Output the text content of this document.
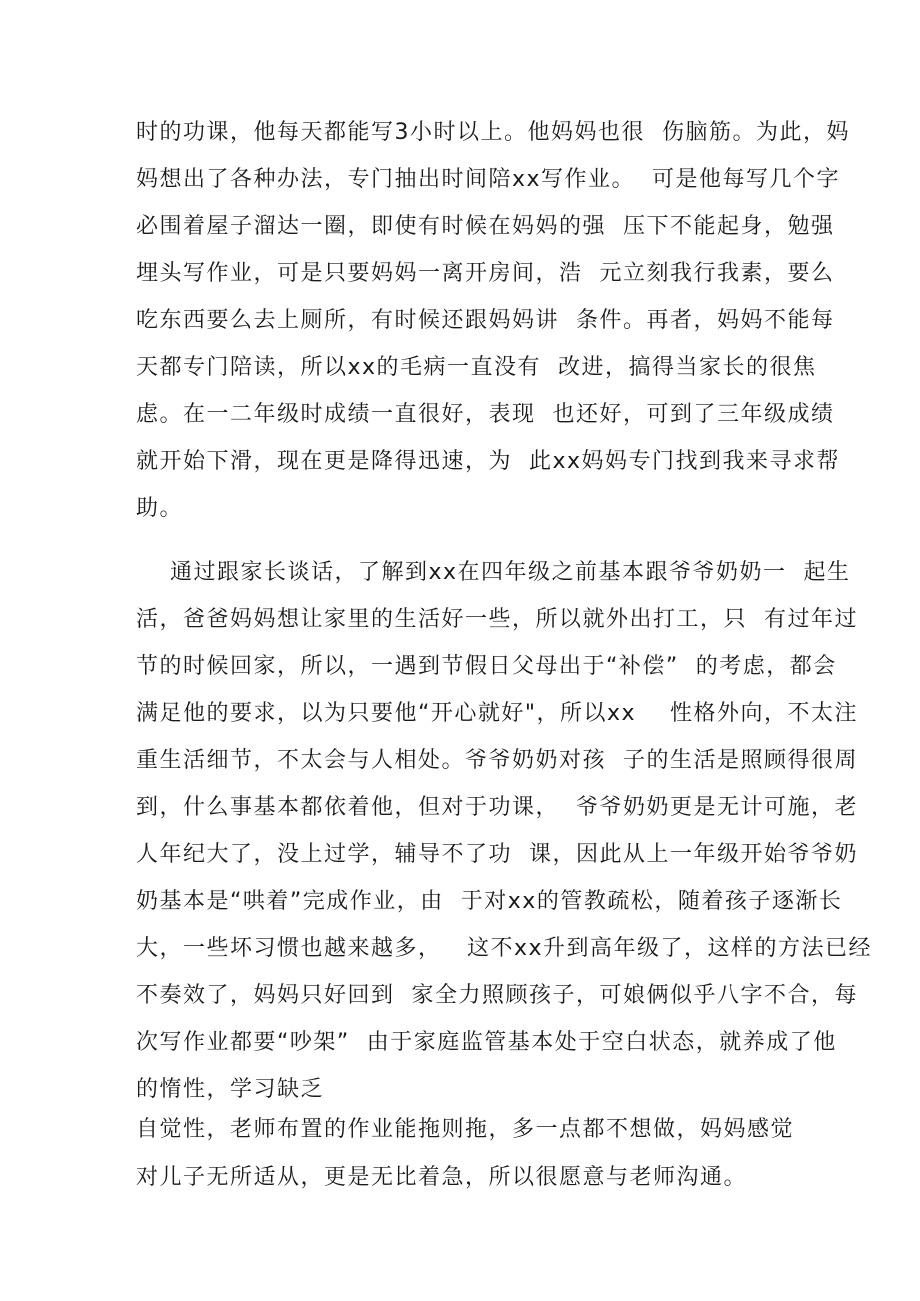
时的功课，他每天都能写3小时以上。他妈妈也很  伤脑筋。为此，妈
妈想出了各种办法，专门抽出时间陪xx写作业。  可是他每写几个字
必围着屋子溜达一圈，即使有时候在妈妈的强  压下不能起身，勉强
埋头写作业，可是只要妈妈一离开房间，浩  元立刻我行我素，要么
吃东西要么去上厕所，有时候还跟妈妈讲  条件。再者，妈妈不能每
天都专门陪读，所以xx的毛病一直没有  改进，搞得当家长的很焦
虑。在一二年级时成绩一直很好，表现  也还好，可到了三年级成绩
就开始下滑，现在更是降得迅速，为  此xx妈妈专门找到我来寻求帮
助。
通过跟家长谈话，了解到xx在四年级之前基本跟爷爷奶奶一  起生
活，爸爸妈妈想让家里的生活好一些，所以就外出打工，只  有过年过
节的时候回家，所以，一遇到节假日父母出于“补偿”  的考虑，都会
满足他的要求，以为只要他“开心就好"，所以xx    性格外向，不太注
重生活细节，不太会与人相处。爷爷奶奶对孩  子的生活是照顾得很周
到，什么事基本都依着他，但对于功课，  爷爷奶奶更是无计可施，老
人年纪大了，没上过学，辅导不了功  课，因此从上一年级开始爷爷奶
奶基本是“哄着”完成作业，由  于对xx的管教疏松，随着孩子逐渐长
大，一些坏习惯也越来越多，   这不xx升到高年级了，这样的方法已经
不奏效了，妈妈只好回到  家全力照顾孩子，可娘俩似乎八字不合，每
次写作业都要“吵架”  由于家庭监管基本处于空白状态，就养成了他
的惰性，学习缺乏
自觉性，老师布置的作业能拖则拖，多一点都不想做，妈妈感觉
对儿子无所适从，更是无比着急，所以很愿意与老师沟通。
